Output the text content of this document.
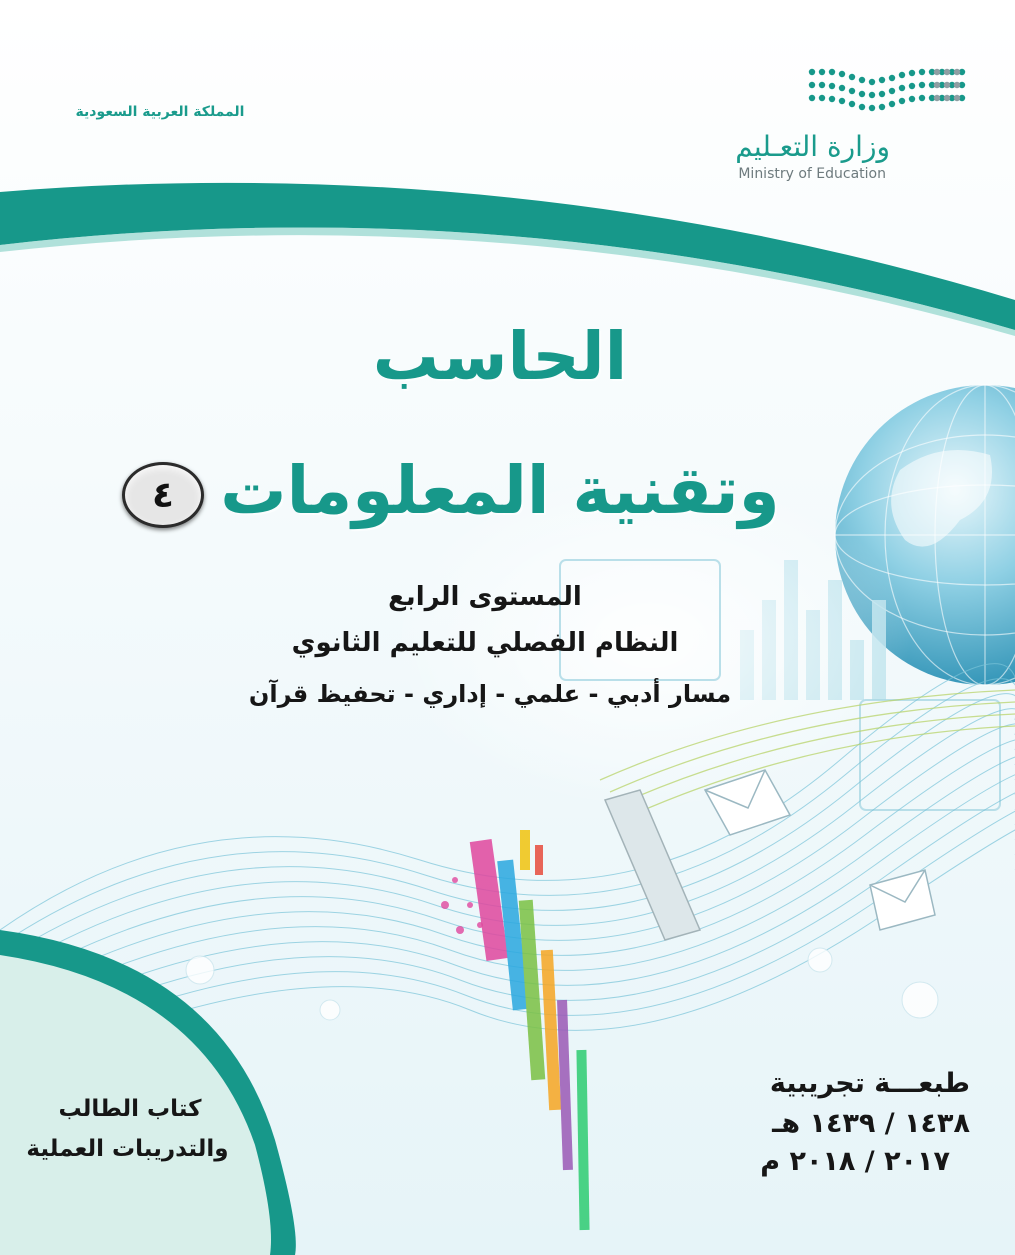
المملكة العربية السعودية
وزارة التعـليم
Ministry of Education
الحاسب
وتقنية المعلومات
٤
المستوى الرابع
النظام الفصلي للتعليم الثانوي
مسار أدبي - علمي - إداري - تحفيظ قرآن
كتاب الطالب
والتدريبات العملية
طبعـــة تجريبية
١٤٣٨ / ١٤٣٩ هـ
٢٠١٧ / ٢٠١٨ م
